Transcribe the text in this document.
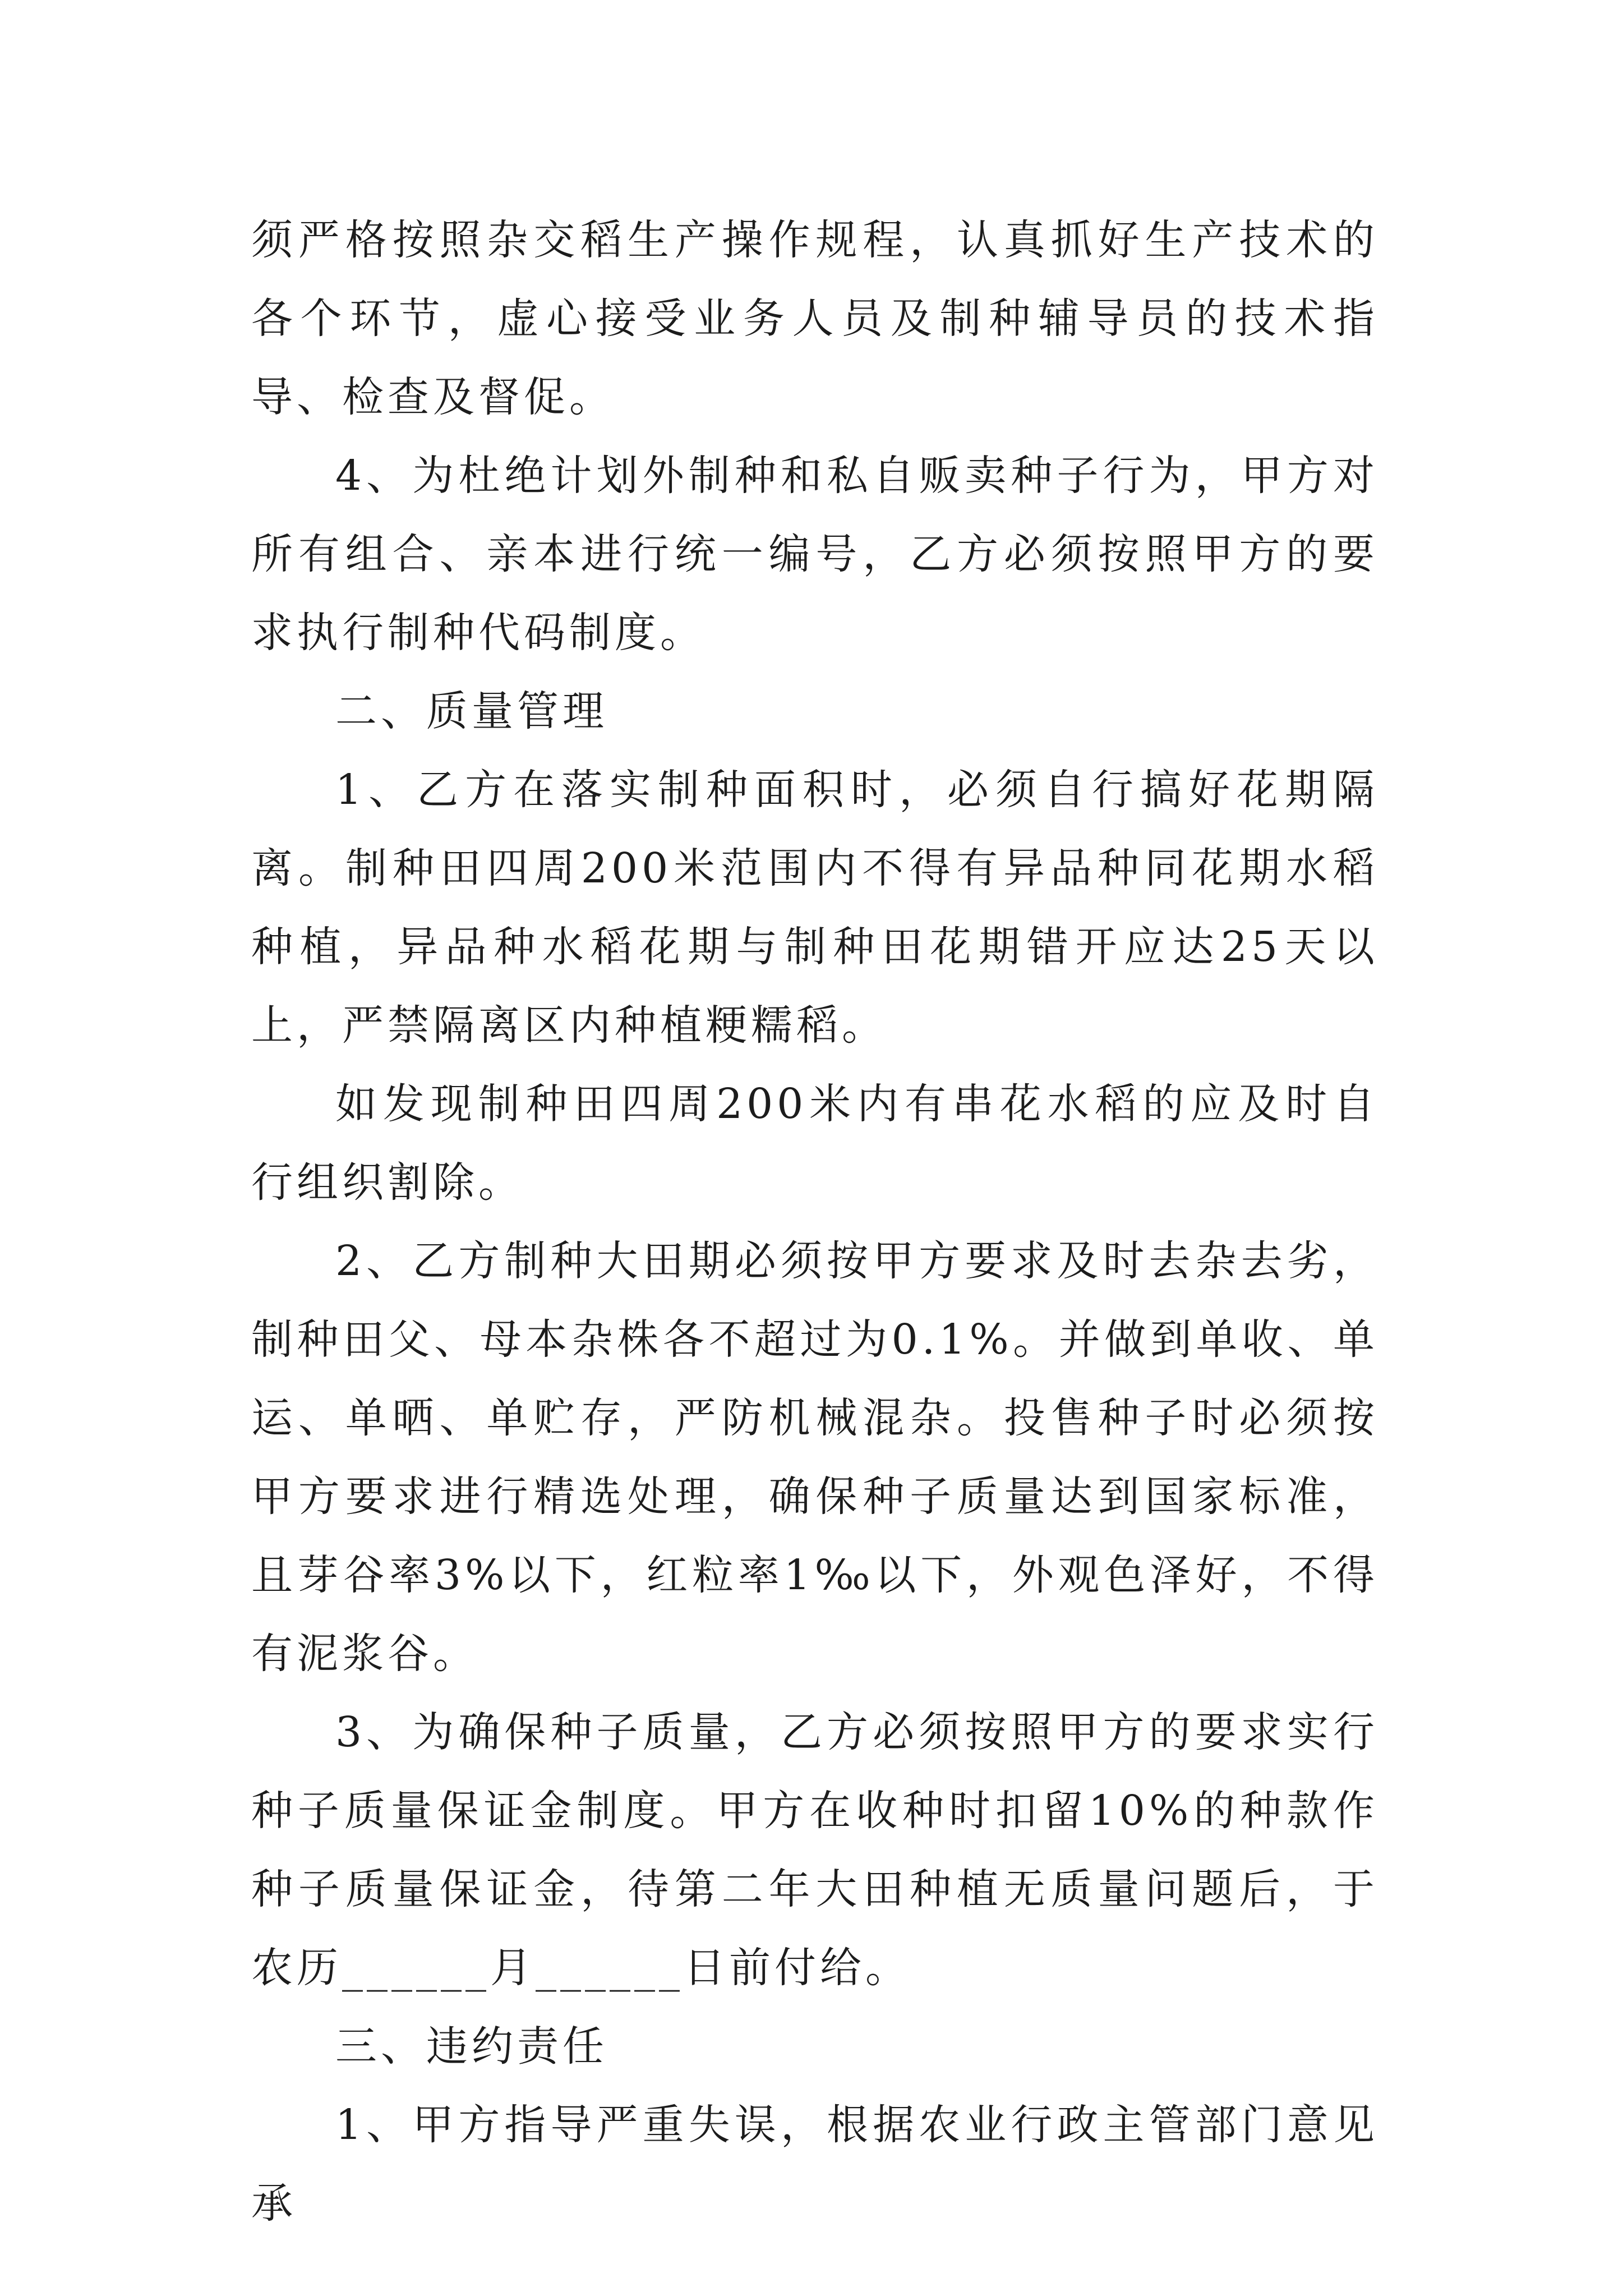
须严格按照杂交稻生产操作规程，认真抓好生产技术的各个环节，虚心接受业务人员及制种辅导员的技术指导、检查及督促。

4、为杜绝计划外制种和私自贩卖种子行为，甲方对所有组合、亲本进行统一编号，乙方必须按照甲方的要求执行制种代码制度。

二、质量管理

1、乙方在落实制种面积时，必须自行搞好花期隔离。制种田四周200米范围内不得有异品种同花期水稻种植，异品种水稻花期与制种田花期错开应达25天以上，严禁隔离区内种植粳糯稻。

如发现制种田四周200米内有串花水稻的应及时自行组织割除。

2、乙方制种大田期必须按甲方要求及时去杂去劣，制种田父、母本杂株各不超过为0.1%。并做到单收、单运、单晒、单贮存，严防机械混杂。投售种子时必须按甲方要求进行精选处理，确保种子质量达到国家标准，且芽谷率3%以下，红粒率1‰以下，外观色泽好，不得有泥浆谷。

3、为确保种子质量，乙方必须按照甲方的要求实行种子质量保证金制度。甲方在收种时扣留10%的种款作种子质量保证金，待第二年大田种植无质量问题后，于农历______月______日前付给。

三、违约责任

1、甲方指导严重失误，根据农业行政主管部门意见承
